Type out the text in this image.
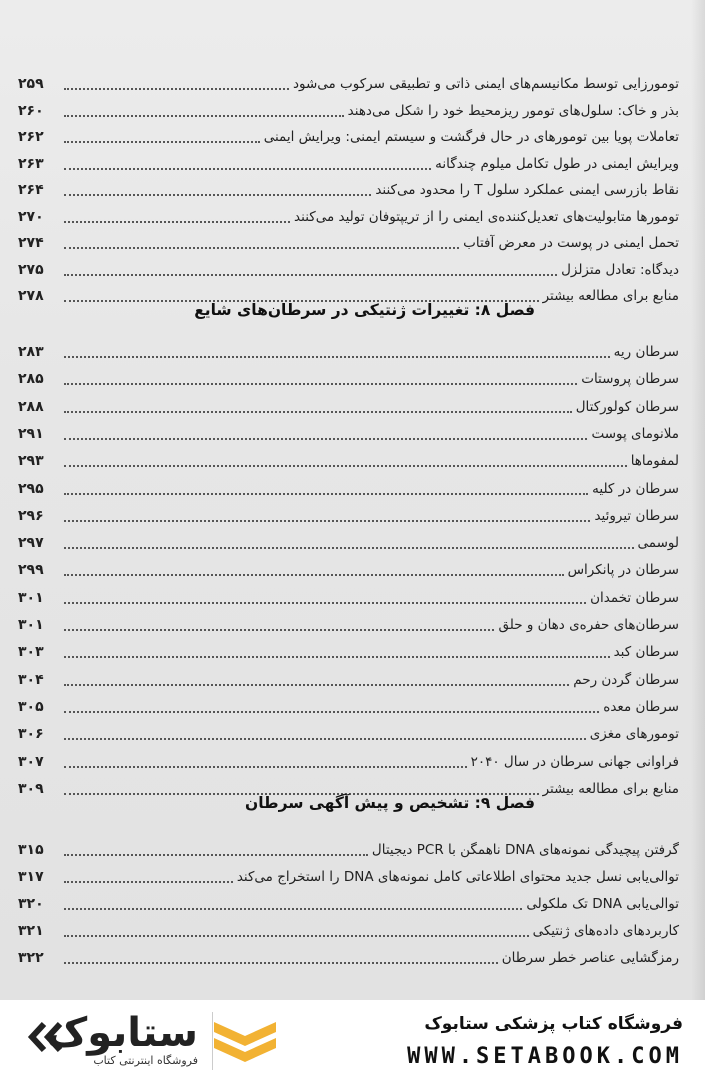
تومورزایی توسط مکانیسم‌های ایمنی ذاتی و تطبیقی سرکوب می‌شود
۲۵۹
بذر و خاک: سلول‌های تومور ریزمحیط خود را شکل می‌دهند
۲۶۰
تعاملات پویا بین تومورهای در حال فرگشت و سیستم ایمنی: ویرایش ایمنی
۲۶۲
ویرایش ایمنی در طول تکامل میلوم چندگانه
۲۶۳
نقاط بازرسی ایمنی عملکرد سلول T را محدود می‌کنند
۲۶۴
تومورها متابولیت‌های تعدیل‌کننده‌ی ایمنی را از تریپتوفان تولید می‌کنند
۲۷۰
تحمل ایمنی در پوست در معرض آفتاب
۲۷۴
دیدگاه: تعادل متزلزل
۲۷۵
منابع برای مطالعه بیشتر
۲۷۸
فصل ۸: تغییرات ژنتیکی در سرطان‌های شایع
سرطان ریه
۲۸۳
سرطان پروستات
۲۸۵
سرطان کولورکتال
۲۸۸
ملانومای پوست
۲۹۱
لمفوماها
۲۹۳
سرطان در کلیه
۲۹۵
سرطان تیروئید
۲۹۶
لوسمی
۲۹۷
سرطان در پانکراس
۲۹۹
سرطان تخمدان
۳۰۱
سرطان‌های حفره‌ی دهان و حلق
۳۰۱
سرطان کبد
۳۰۳
سرطان گردن رحم
۳۰۴
سرطان معده
۳۰۵
تومورهای مغزی
۳۰۶
فراوانی جهانی سرطان در سال ۲۰۴۰
۳۰۷
منابع برای مطالعه بیشتر
۳۰۹
فصل ۹: تشخیص و پیش آگهی سرطان
گرفتن پیچیدگی نمونه‌های DNA ناهمگن با PCR دیجیتال
۳۱۵
توالی‌یابی نسل جدید محتوای اطلاعاتی کامل نمونه‌های DNA را استخراج می‌کند
۳۱۷
توالی‌یابی DNA تک ملکولی
۳۲۰
کاربردهای داده‌های ژنتیکی
۳۲۱
رمزگشایی عناصر خطر سرطان
۳۲۲
ستابوک
فروشگاه اینترنتی کتاب
فروشگاه کتاب پزشکی ستابوک
WWW.SETABOOK.COM
